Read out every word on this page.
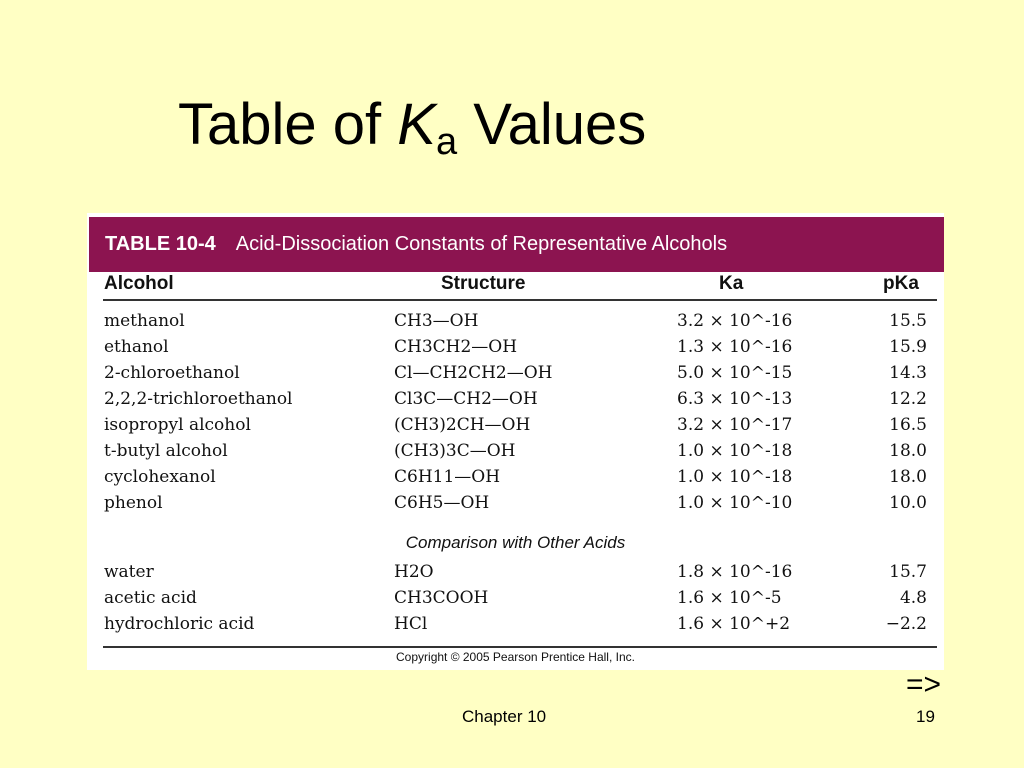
Table of $K_a$ Values
TABLE 10-4 Acid-Dissociation Constants of Representative Alcohols
Alcohol	Structure	Ka	pKa
methanol	CH3—OH	3.2 × 10^-16	15.5
ethanol	CH3CH2—OH	1.3 × 10^-16	15.9
2-chloroethanol	Cl—CH2CH2—OH	5.0 × 10^-15	14.3
2,2,2-trichloroethanol	Cl3C—CH2—OH	6.3 × 10^-13	12.2
isopropyl alcohol	(CH3)2CH—OH	3.2 × 10^-17	16.5
t-butyl alcohol	(CH3)3C—OH	1.0 × 10^-18	18.0
cyclohexanol	C6H11—OH	1.0 × 10^-18	18.0
phenol	C6H5—OH	1.0 × 10^-10	10.0
Comparison with Other Acids
water	H2O	1.8 × 10^-16	15.7
acetic acid	CH3COOH	1.6 × 10^-5	4.8
hydrochloric acid	HCl	1.6 × 10^+2	−2.2
Copyright © 2005 Pearson Prentice Hall, Inc.
=>
Chapter 10	19
